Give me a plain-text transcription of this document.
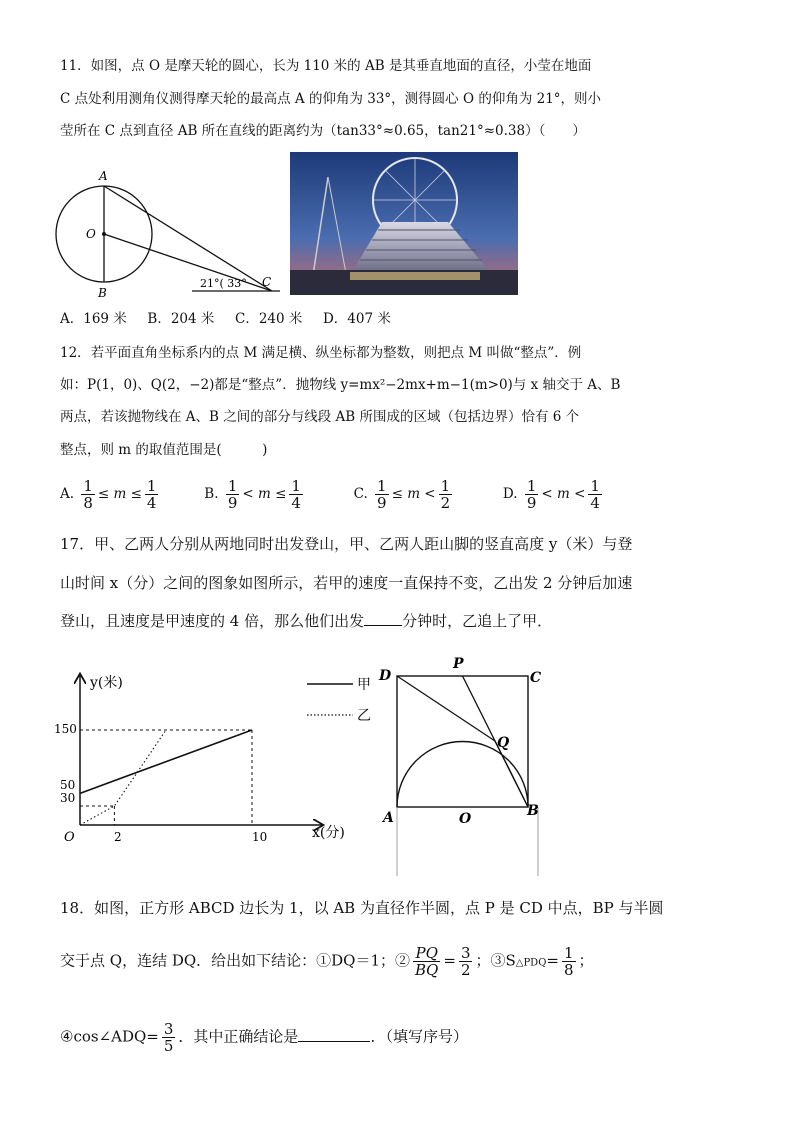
11．如图，点 O 是摩天轮的圆心，长为 110 米的 AB 是其垂直地面的直径，小莹在地面
C 点处利用测角仪测得摩天轮的最高点 A 的仰角为 33°，测得圆心 O 的仰角为 21°，则小
莹所在 C 点到直径 AB 所在直线的距离约为（tan33°≈0.65，tan21°≈0.38）（　　）
A
O
B
C
21°( 33°
A．169 米 B．204 米 C．240 米 D．407 米
12．若平面直角坐标系内的点 M 满足横、纵坐标都为整数，则把点 M 叫做“整点”．例
如：P(1，0)、Q(2，−2)都是“整点”．抛物线 y=mx²−2mx+m−1(m>0)与 x 轴交于 A、B
两点，若该抛物线在 A、B 之间的部分与线段 AB 所围成的区域（包括边界）恰有 6 个
整点，则 m 的取值范围是(　　　)
A. $\frac{1}{8} \le m \le \frac{1}{4}$	B. $\frac{1}{9} < m \le \frac{1}{4}$	C. $\frac{1}{9} \le m < \frac{1}{2}$	D. $\frac{1}{9} < m < \frac{1}{4}$
17．甲、乙两人分别从两地同时出发登山，甲、乙两人距山脚的竖直高度 y（米）与登
山时间 x（分）之间的图象如图所示，若甲的速度一直保持不变，乙出发 2 分钟后加速
登山，且速度是甲速度的 4 倍，那么他们出发	分钟时，乙追上了甲．
y(米)
x(分)
O
150
50
30
2	10
甲
乙
D
P
C
Q
A	O	B
18．如图，正方形 ABCD 边长为 1，以 AB 为直径作半圆，点 P 是 CD 中点，BP 与半圆
交于点 Q，连结 DQ．给出如下结论：①DQ＝1；② $\frac{PQ}{BQ} = \frac{3}{2}$ ；③S△PDQ= $\frac{1}{8}$ ；
④cos∠ADQ= $\frac{3}{5}$ ．其中正确结论是	．（填写序号）
